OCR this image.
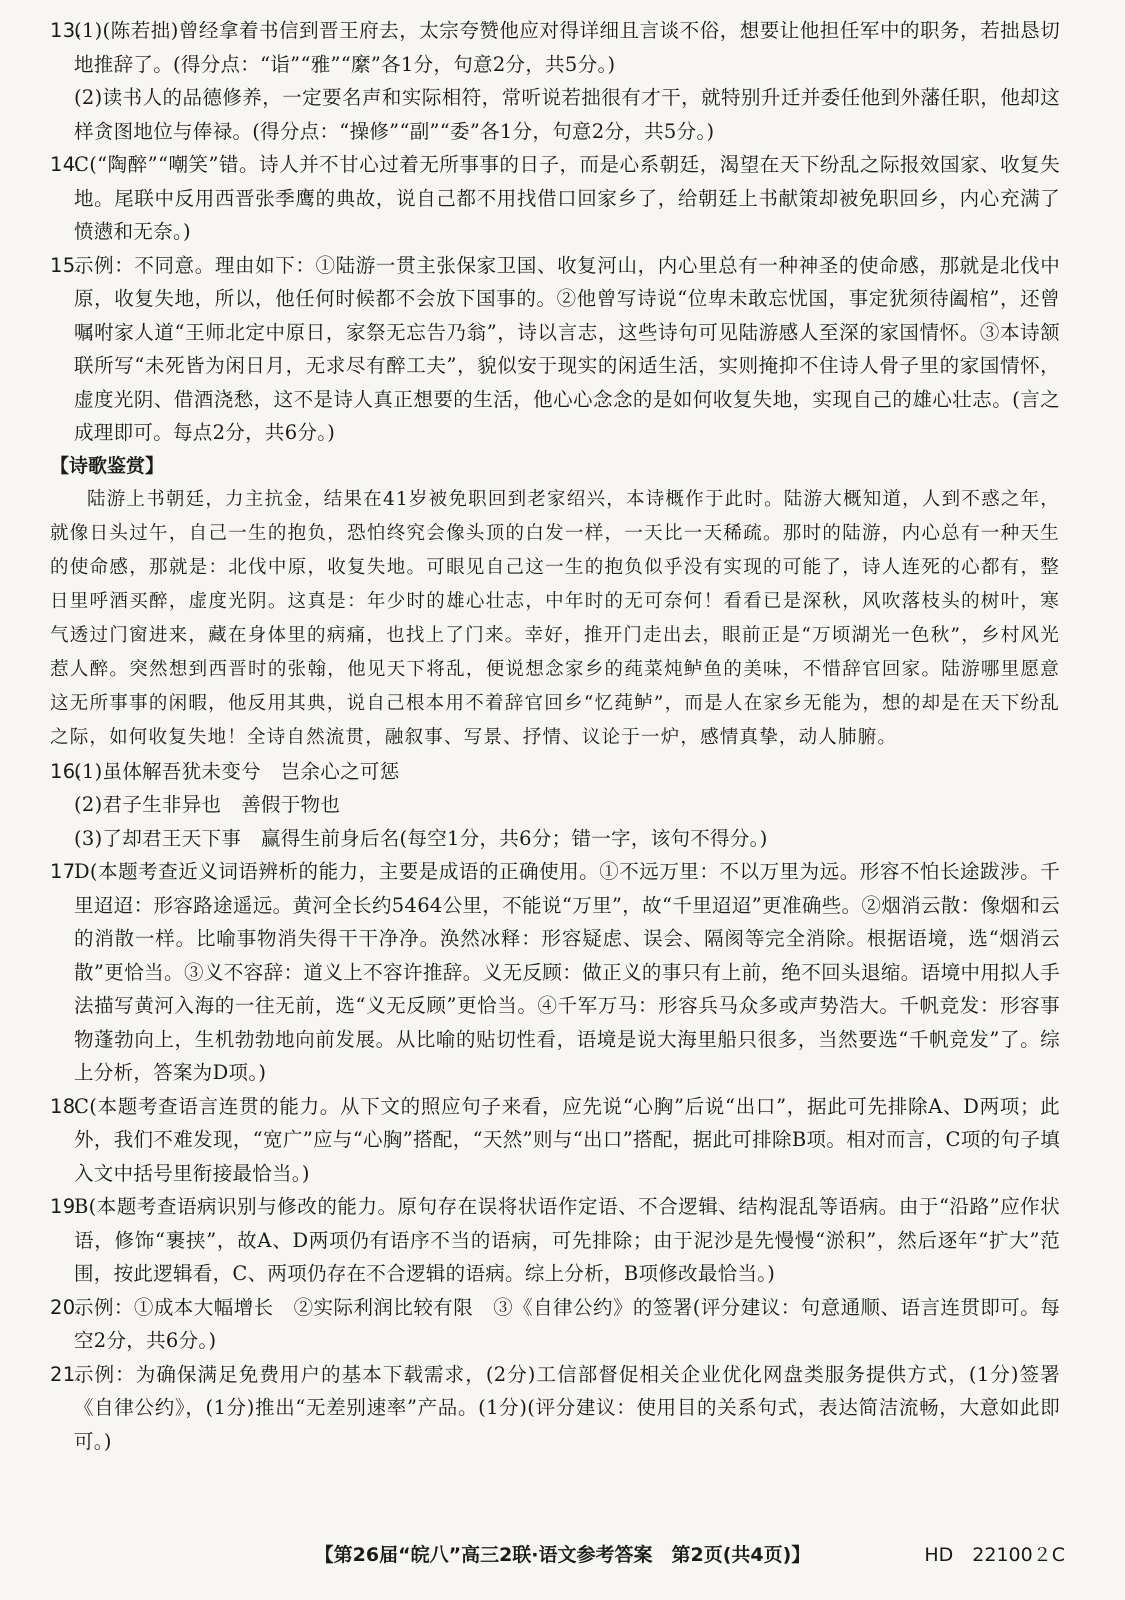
13.

(1)(陈若拙)曾经拿着书信到晋王府去，太宗夸赞他应对得详细且言谈不俗，想要让他担任军中的职务，若拙恳切地推辞了。(得分点：“诣”“雅”“縻”各1分，句意2分，共5分。)

(2)读书人的品德修养，一定要名声和实际相符，常听说若拙很有才干，就特别升迁并委任他到外藩任职，他却这样贪图地位与俸禄。(得分点：“操修”“副”“委”各1分，句意2分，共5分。)

14.

C(“陶醉”“嘲笑”错。诗人并不甘心过着无所事事的日子，而是心系朝廷，渴望在天下纷乱之际报效国家、收复失地。尾联中反用西晋张季鹰的典故，说自己都不用找借口回家乡了，给朝廷上书献策却被免职回乡，内心充满了愤懑和无奈。)

15.

示例：不同意。理由如下：①陆游一贯主张保家卫国、收复河山，内心里总有一种神圣的使命感，那就是北伐中原，收复失地，所以，他任何时候都不会放下国事的。②他曾写诗说“位卑未敢忘忧国，事定犹须待阖棺”，还曾嘱咐家人道“王师北定中原日，家祭无忘告乃翁”，诗以言志，这些诗句可见陆游感人至深的家国情怀。③本诗颔联所写“未死皆为闲日月，无求尽有醉工夫”，貌似安于现实的闲适生活，实则掩抑不住诗人骨子里的家国情怀，虚度光阴、借酒浇愁，这不是诗人真正想要的生活，他心心念念的是如何收复失地，实现自己的雄心壮志。(言之成理即可。每点2分，共6分。)

【诗歌鉴赏】

陆游上书朝廷，力主抗金，结果在41岁被免职回到老家绍兴，本诗概作于此时。陆游大概知道，人到不惑之年，就像日头过午，自己一生的抱负，恐怕终究会像头顶的白发一样，一天比一天稀疏。那时的陆游，内心总有一种天生的使命感，那就是：北伐中原，收复失地。可眼见自己这一生的抱负似乎没有实现的可能了，诗人连死的心都有，整日里呼酒买醉，虚度光阴。这真是：年少时的雄心壮志，中年时的无可奈何！看看已是深秋，风吹落枝头的树叶，寒气透过门窗进来，藏在身体里的病痛，也找上了门来。幸好，推开门走出去，眼前正是“万顷湖光一色秋”，乡村风光惹人醉。突然想到西晋时的张翰，他见天下将乱，便说想念家乡的莼菜炖鲈鱼的美味，不惜辞官回家。陆游哪里愿意这无所事事的闲暇，他反用其典，说自己根本用不着辞官回乡“忆莼鲈”，而是人在家乡无能为，想的却是在天下纷乱之际，如何收复失地！全诗自然流贯，融叙事、写景、抒情、议论于一炉，感情真挚，动人肺腑。

16.

(1)虽体解吾犹未变兮　岂余心之可惩

(2)君子生非异也　善假于物也

(3)了却君王天下事　赢得生前身后名(每空1分，共6分；错一字，该句不得分。)

17.

D(本题考查近义词语辨析的能力，主要是成语的正确使用。①不远万里：不以万里为远。形容不怕长途跋涉。千里迢迢：形容路途遥远。黄河全长约5464公里，不能说“万里”，故“千里迢迢”更准确些。②烟消云散：像烟和云的消散一样。比喻事物消失得干干净净。涣然冰释：形容疑虑、误会、隔阂等完全消除。根据语境，选“烟消云散”更恰当。③义不容辞：道义上不容许推辞。义无反顾：做正义的事只有上前，绝不回头退缩。语境中用拟人手法描写黄河入海的一往无前，选“义无反顾”更恰当。④千军万马：形容兵马众多或声势浩大。千帆竞发：形容事物蓬勃向上，生机勃勃地向前发展。从比喻的贴切性看，语境是说大海里船只很多，当然要选“千帆竞发”了。综上分析，答案为D项。)

18.

C(本题考查语言连贯的能力。从下文的照应句子来看，应先说“心胸”后说“出口”，据此可先排除A、D两项；此外，我们不难发现，“宽广”应与“心胸”搭配，“天然”则与“出口”搭配，据此可排除B项。相对而言，C项的句子填入文中括号里衔接最恰当。)

19.

B(本题考查语病识别与修改的能力。原句存在误将状语作定语、不合逻辑、结构混乱等语病。由于“沿路”应作状语，修饰“裹挟”，故A、D两项仍有语序不当的语病，可先排除；由于泥沙是先慢慢“淤积”，然后逐年“扩大”范围，按此逻辑看，C、两项仍存在不合逻辑的语病。综上分析，B项修改最恰当。)

20.

示例：①成本大幅增长　②实际利润比较有限　③《自律公约》的签署(评分建议：句意通顺、语言连贯即可。每空2分，共6分。)

21.

示例：为确保满足免费用户的基本下载需求，(2分)工信部督促相关企业优化网盘类服务提供方式，(1分)签署《自律公约》，(1分)推出“无差别速率”产品。(1分)(评分建议：使用目的关系句式，表达简洁流畅，大意如此即可。)

【第26届“皖八”高三2联·语文参考答案　第2页(共4页)】	HD　22100２C
